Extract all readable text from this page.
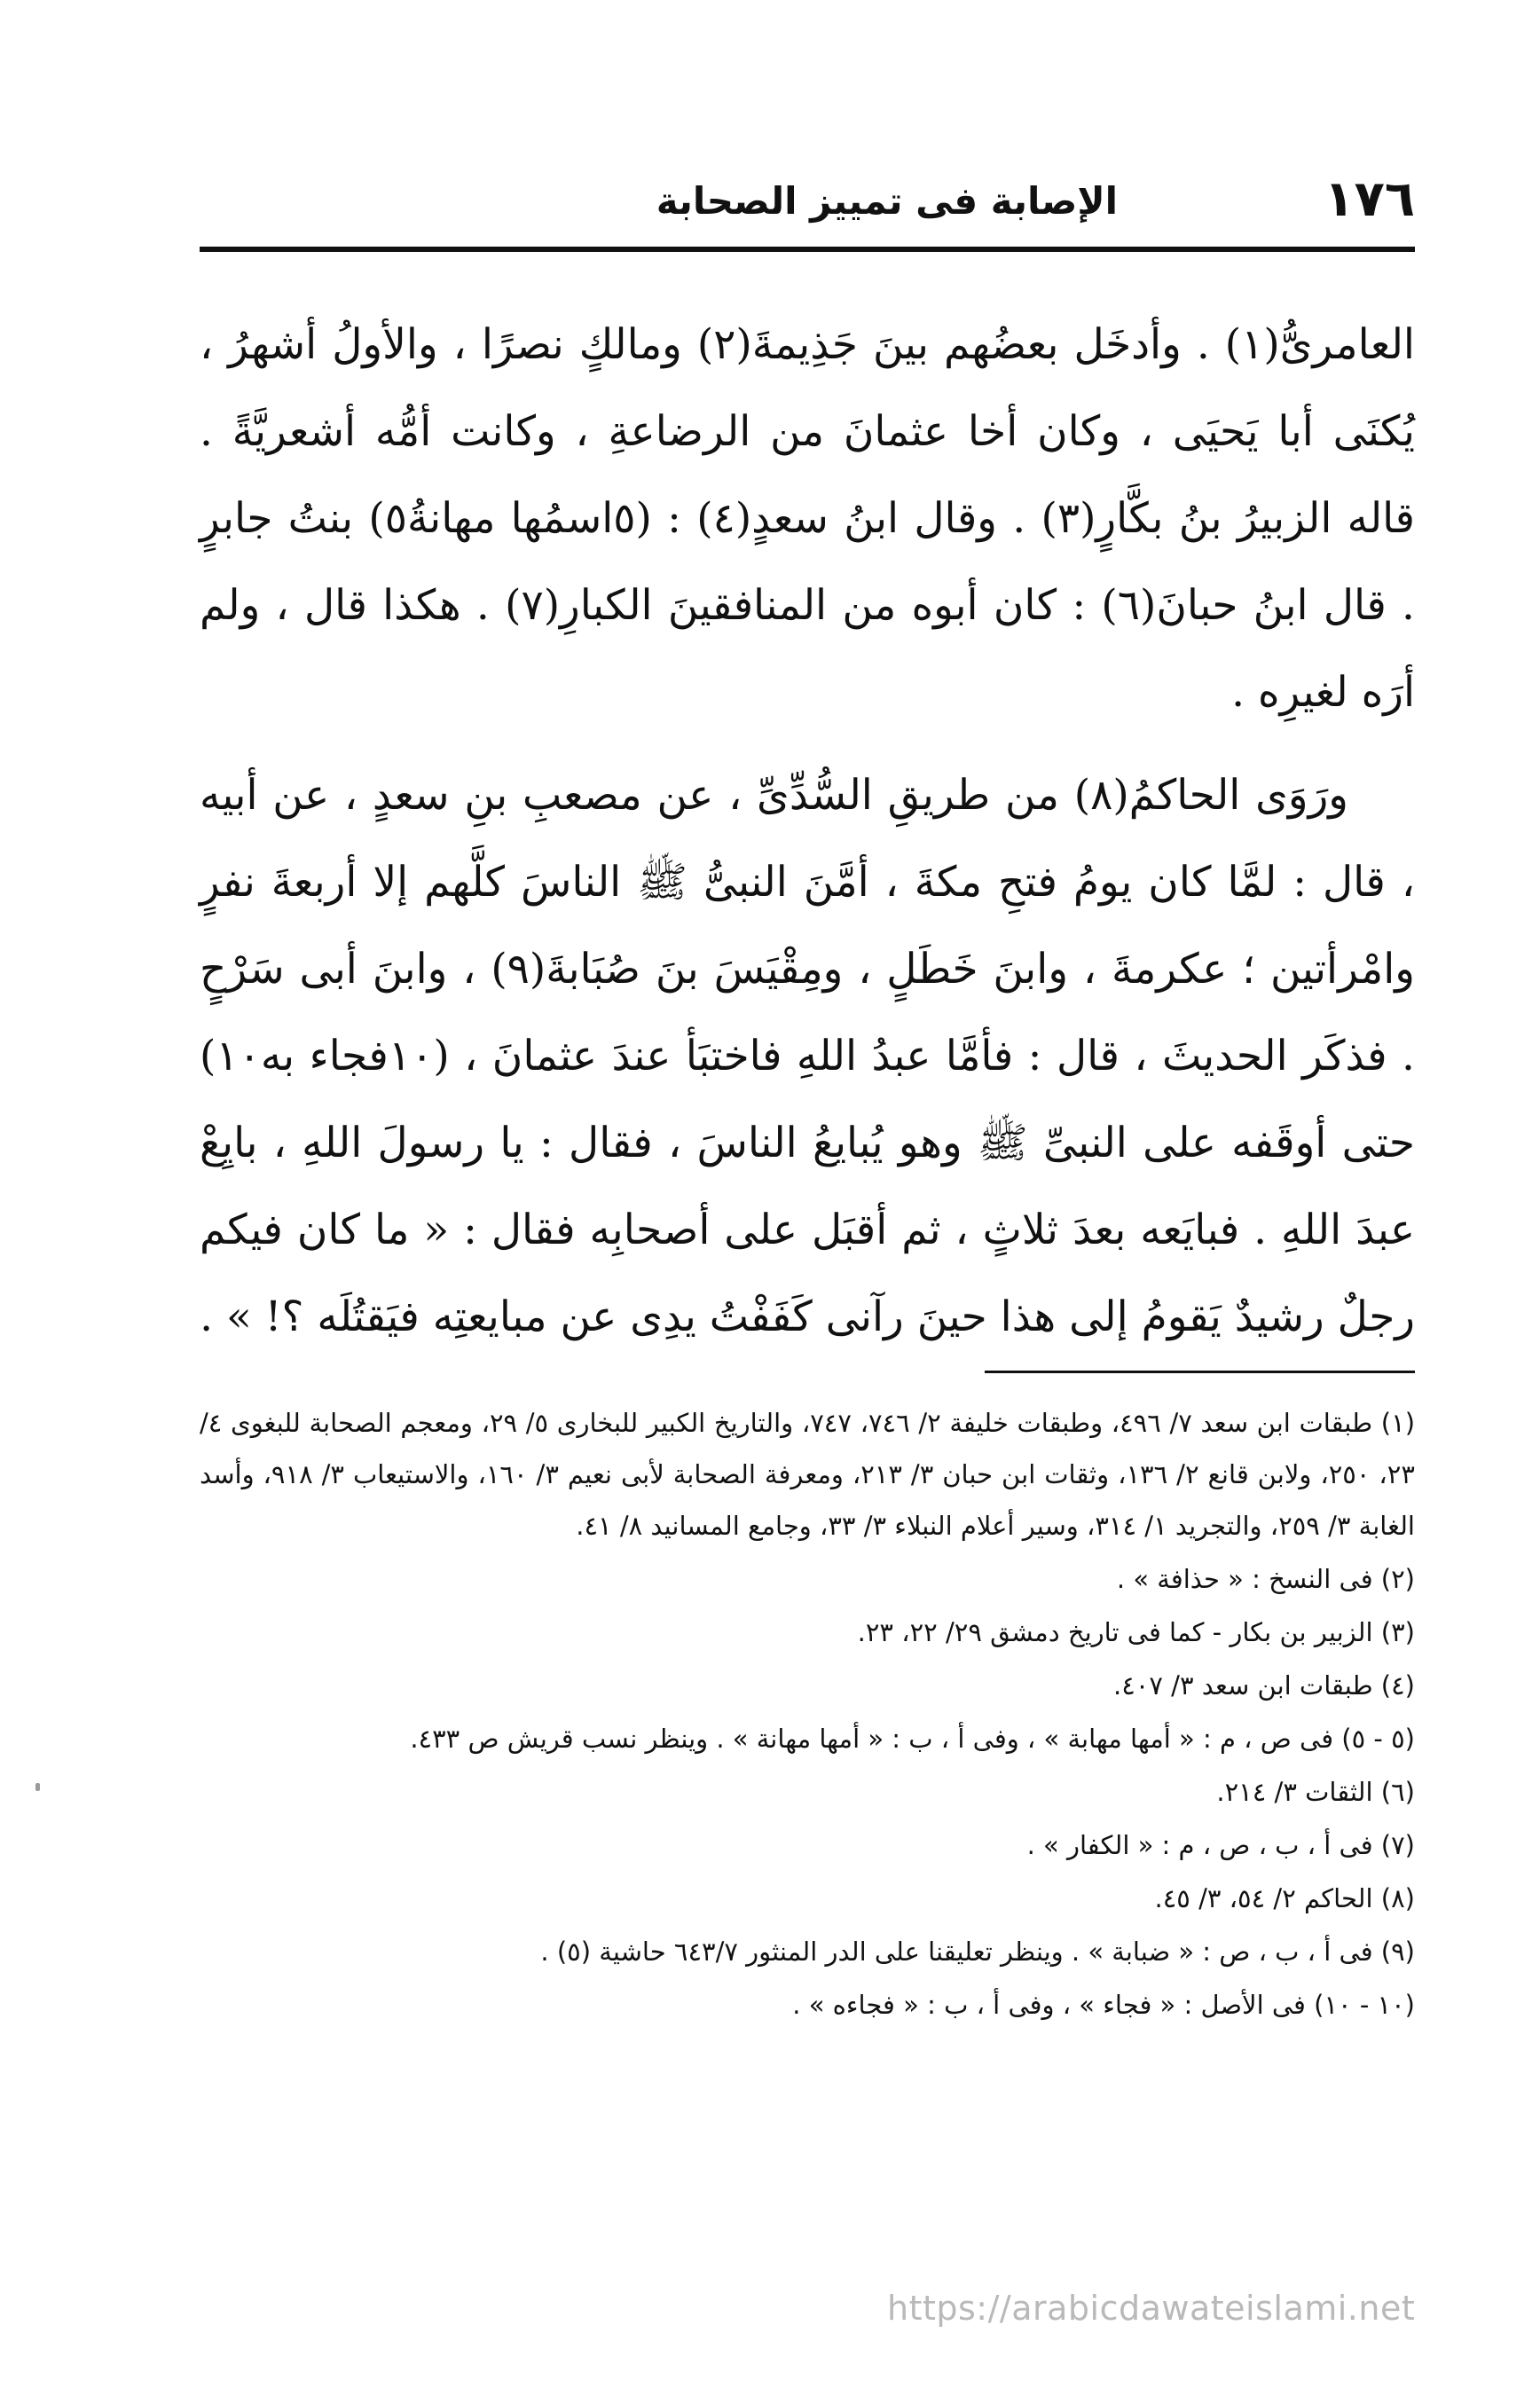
١٧٦
الإصابة فى تمييز الصحابة

العامرىُّ(١) . وأدخَل بعضُهم بينَ جَذِيمةَ(٢) ومالكٍ نصرًا ، والأولُ أشهرُ ، يُكنَى أبا يَحيَى ، وكان أخا عثمانَ من الرضاعةِ ، وكانت أمُّه أشعريَّةً . قاله الزبيرُ بنُ بكَّارٍ(٣) . وقال ابنُ سعدٍ(٤) : (٥اسمُها مهانةُ٥) بنتُ جابرٍ . قال ابنُ حبانَ(٦) : كان أبوه من المنافقينَ الكبارِ(٧) . هكذا قال ، ولم أرَه لغيرِه .

ورَوَى الحاكمُ(٨) من طريقِ السُّدِّىِّ ، عن مصعبِ بنِ سعدٍ ، عن أبيه ، قال : لمَّا كان يومُ فتحِ مكةَ ، أمَّنَ النبىُّ ﷺ الناسَ كلَّهم إلا أربعةَ نفرٍ وامْرأتين ؛ عكرمةَ ، وابنَ خَطَلٍ ، ومِقْيَسَ بنَ صُبَابةَ(٩) ، وابنَ أبى سَرْحٍ . فذكَر الحديثَ ، قال : فأمَّا عبدُ اللهِ فاختبَأ عندَ عثمانَ ، (١٠فجاء به١٠) حتى أوقَفه على النبىِّ ﷺ وهو يُبايعُ الناسَ ، فقال : يا رسولَ اللهِ ، بايِعْ عبدَ اللهِ . فبايَعه بعدَ ثلاثٍ ، ثم أقبَل على أصحابِه فقال : « ما كان فيكم رجلٌ رشيدٌ يَقومُ إلى هذا حينَ رآنى كَفَفْتُ يدِى عن مبايعتِه فيَقتُلَه ؟! » .

(١) طبقات ابن سعد ٧/ ٤٩٦، وطبقات خليفة ٢/ ٧٤٦، ٧٤٧، والتاريخ الكبير للبخارى ٥/ ٢٩، ومعجم الصحابة للبغوى ٤/ ٢٣، ٢٥٠، ولابن قانع ٢/ ١٣٦، وثقات ابن حبان ٣/ ٢١٣، ومعرفة الصحابة لأبى نعيم ٣/ ١٦٠، والاستيعاب ٣/ ٩١٨، وأسد الغابة ٣/ ٢٥٩، والتجريد ١/ ٣١٤، وسير أعلام النبلاء ٣/ ٣٣، وجامع المسانيد ٨/ ٤١.
(٢) فى النسخ : « حذافة » .
(٣) الزبير بن بكار - كما فى تاريخ دمشق ٢٩/ ٢٢، ٢٣.
(٤) طبقات ابن سعد ٣/ ٤٠٧.
(٥ - ٥) فى ص ، م : « أمها مهابة » ، وفى أ ، ب : « أمها مهانة » . وينظر نسب قريش ص ٤٣٣.
(٦) الثقات ٣/ ٢١٤.
(٧) فى أ ، ب ، ص ، م : « الكفار » .
(٨) الحاكم ٢/ ٥٤، ٣/ ٤٥.
(٩) فى أ ، ب ، ص : « ضبابة » . وينظر تعليقنا على الدر المنثور ٦٤٣/٧ حاشية (٥) .
(١٠ - ١٠) فى الأصل : « فجاء » ، وفى أ ، ب : « فجاءه » .
https://arabicdawateislami.net
